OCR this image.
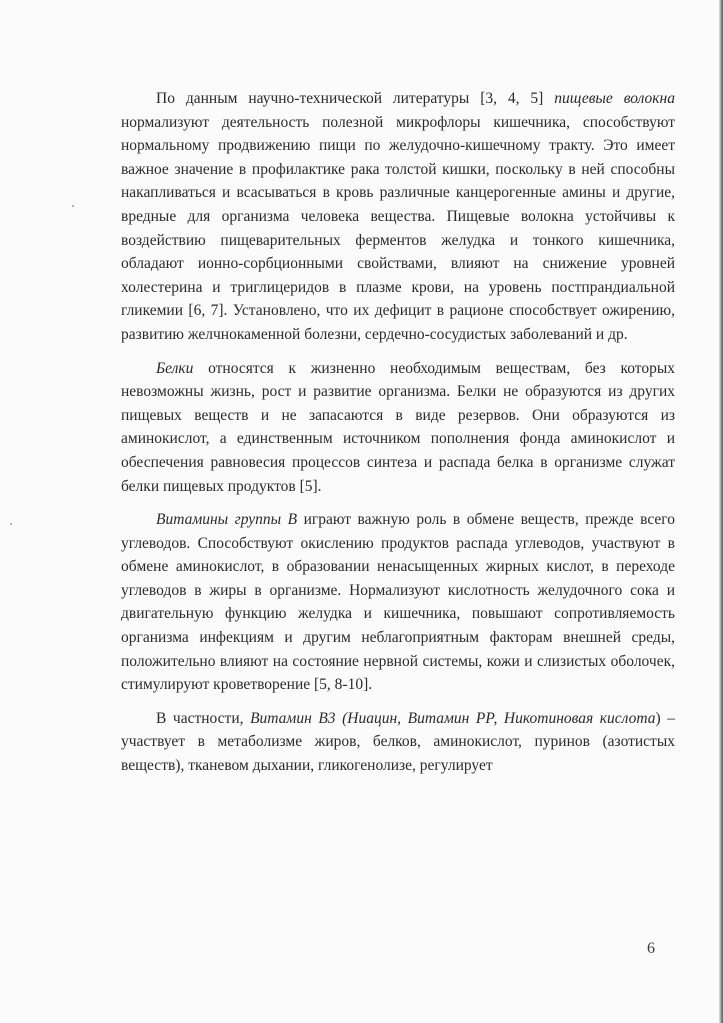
По данным научно-технической литературы [3, 4, 5] пищевые волокна нормализуют деятельность полезной микрофлоры кишечника, способствуют нормальному продвижению пищи по желудочно-кишечному тракту. Это имеет важное значение в профилактике рака толстой кишки, поскольку в ней способны накапливаться и всасываться в кровь различные канцерогенные амины и другие, вредные для организма человека вещества. Пищевые волокна устойчивы к воздействию пищеварительных ферментов желудка и тонкого кишечника, обладают ионно-сорбционными свойствами, влияют на снижение уровней холестерина и триглицеридов в плазме крови, на уровень постпрандиальной гликемии [6, 7]. Установлено, что их дефицит в рационе способствует ожирению, развитию желчнокаменной болезни, сердечно-сосудистых заболеваний и др.

Белки относятся к жизненно необходимым веществам, без которых невозможны жизнь, рост и развитие организма. Белки не образуются из других пищевых веществ и не запасаются в виде резервов. Они образуются из аминокислот, а единственным источником пополнения фонда аминокислот и обеспечения равновесия процессов синтеза и распада белка в организме служат белки пищевых продуктов [5].

Витамины группы В играют важную роль в обмене веществ, прежде всего углеводов. Способствуют окислению продуктов распада углеводов, участвуют в обмене аминокислот, в образовании ненасыщенных жирных кислот, в переходе углеводов в жиры в организме. Нормализуют кислотность желудочного сока и двигательную функцию желудка и кишечника, повышают сопротивляемость организма инфекциям и другим неблагоприятным факторам внешней среды, положительно влияют на состояние нервной системы, кожи и слизистых оболочек, стимулируют кроветворение [5, 8-10].

В частности, Витамин В3 (Ниацин, Витамин РР, Никотиновая кислота) – участвует в метаболизме жиров, белков, аминокислот, пуринов (азотистых веществ), тканевом дыхании, гликогенолизе, регулирует

6
